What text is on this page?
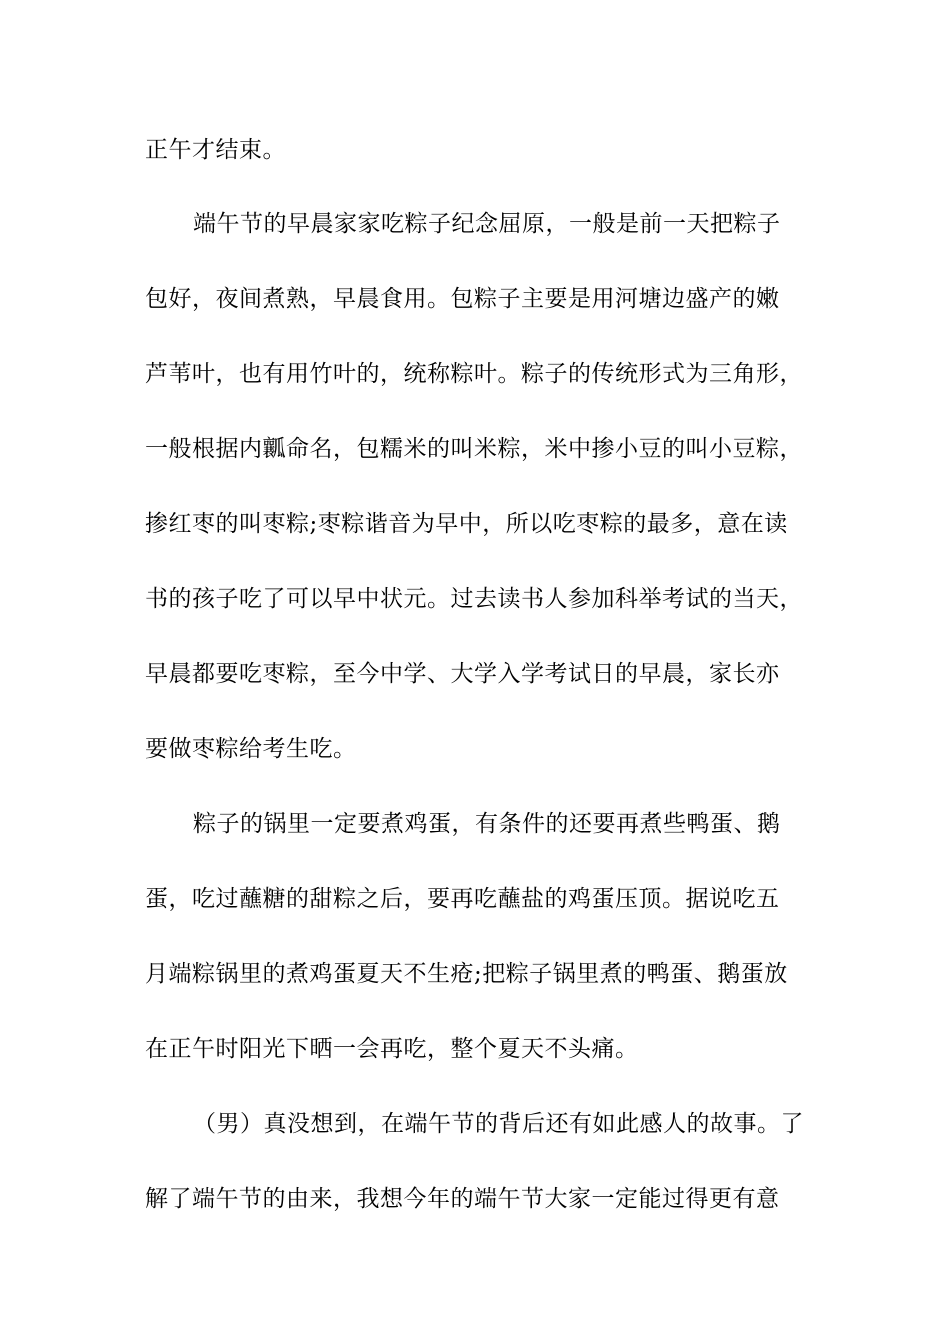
正午才结束。
端午节的早晨家家吃粽子纪念屈原，一般是前一天把粽子
包好，夜间煮熟，早晨食用。包粽子主要是用河塘边盛产的嫩
芦苇叶，也有用竹叶的，统称粽叶。粽子的传统形式为三角形，
一般根据内瓤命名，包糯米的叫米粽，米中掺小豆的叫小豆粽，
掺红枣的叫枣粽;枣粽谐音为早中，所以吃枣粽的最多，意在读
书的孩子吃了可以早中状元。过去读书人参加科举考试的当天，
早晨都要吃枣粽，至今中学、大学入学考试日的早晨，家长亦
要做枣粽给考生吃。
粽子的锅里一定要煮鸡蛋，有条件的还要再煮些鸭蛋、鹅
蛋，吃过蘸糖的甜粽之后，要再吃蘸盐的鸡蛋压顶。据说吃五
月端粽锅里的煮鸡蛋夏天不生疮;把粽子锅里煮的鸭蛋、鹅蛋放
在正午时阳光下晒一会再吃，整个夏天不头痛。
（男）真没想到，在端午节的背后还有如此感人的故事。了
解了端午节的由来，我想今年的端午节大家一定能过得更有意
